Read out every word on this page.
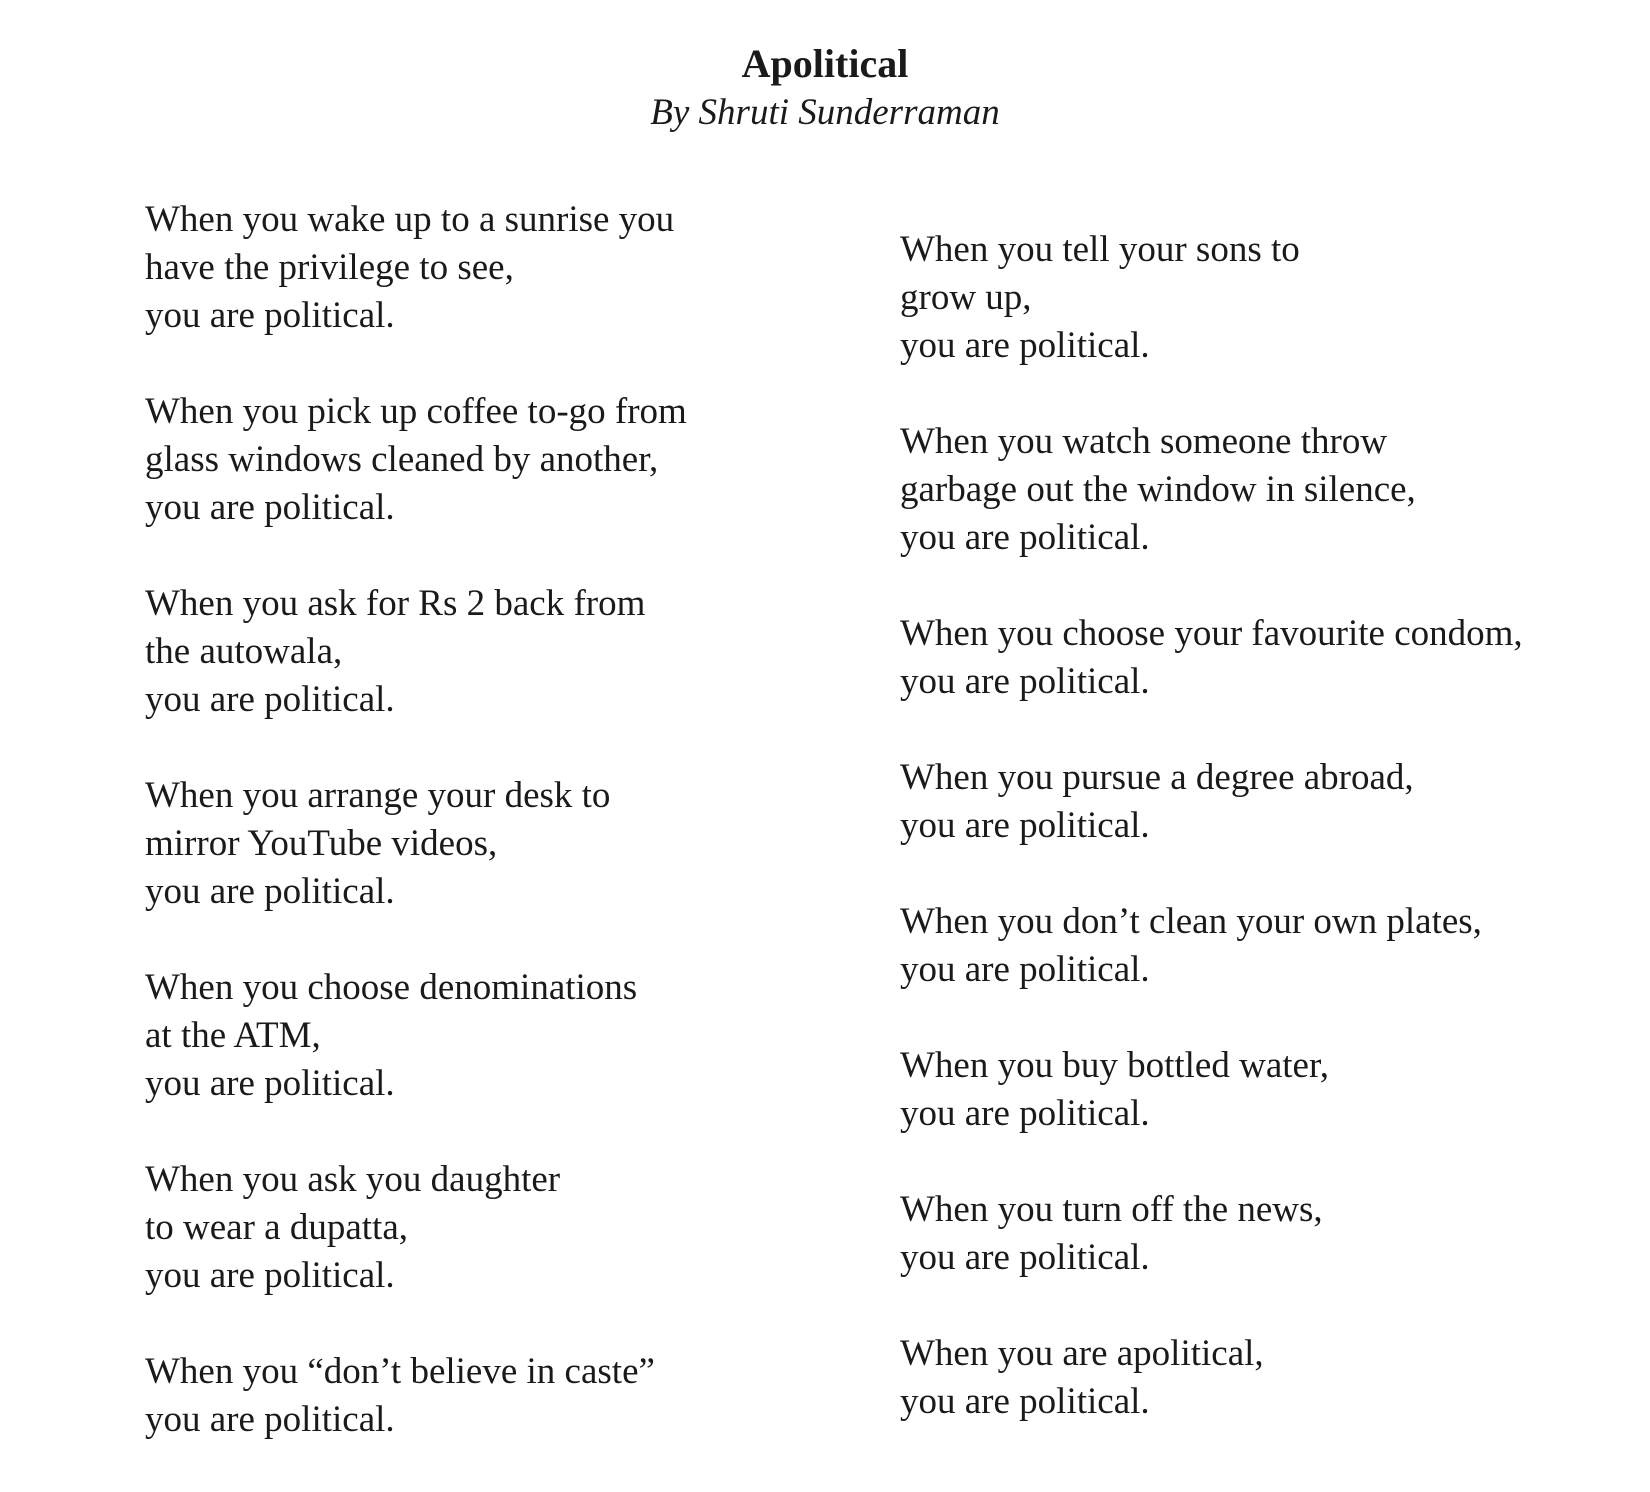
Apolitical
By Shruti Sunderraman

When you wake up to a sunrise you
have the privilege to see,
you are political.

When you pick up coffee to-go from
glass windows cleaned by another,
you are political.

When you ask for Rs 2 back from
the autowala,
you are political.

When you arrange your desk to
mirror YouTube videos,
you are political.

When you choose denominations
at the ATM,
you are political.

When you ask you daughter
to wear a dupatta,
you are political.

When you “don’t believe in caste”
you are political.

When you tell your sons to
grow up,
you are political.

When you watch someone throw
garbage out the window in silence,
you are political.

When you choose your favourite condom,
you are political.

When you pursue a degree abroad,
you are political.

When you don’t clean your own plates,
you are political.

When you buy bottled water,
you are political.

When you turn off the news,
you are political.

When you are apolitical,
you are political.
